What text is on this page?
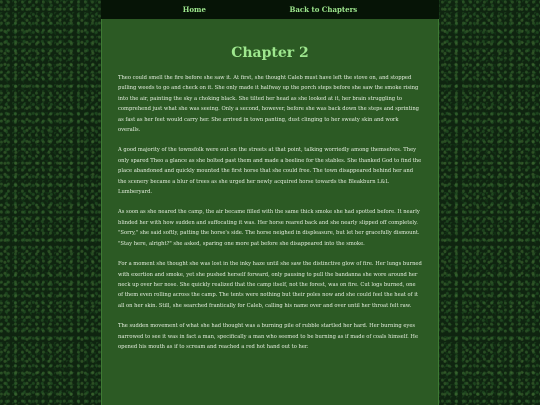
Home	Back to Chapters
Chapter 2

Theo could smell the fire before she saw it. At first, she thought Caleb must have left the stove on, and stopped pulling weeds to go and check on it. She only made it halfway up the porch steps before she saw the smoke rising into the air, painting the sky a choking black. She tilted her head as she looked at it, her brain struggling to comprehend just what she was seeing. Only a second, however, before she was back down the steps and sprinting as fast as her feet would carry her. She arrived in town panting, dust clinging to her sweaty skin and work overalls.

A good majority of the townsfolk were out on the streets at that point, talking worriedly among themselves. They only spared Theo a glance as she bolted past them and made a beeline for the stables. She thanked God to find the place abandoned and quickly mounted the first horse that she could free. The town disappeared behind her and the scenery became a blur of trees as she urged her newly acquired horse towards the Bleakburn L&L Lumberyard.

As soon as she neared the camp, the air became filled with the same thick smoke she had spotted before. It nearly blinded her with how sudden and suffocating it was. Her horse reared back and she nearly slipped off completely. "Sorry," she said softly, patting the horse's side. The horse neighed in displeasure, but let her gracefully dismount. "Stay here, alright?" she asked, sparing one more pat before she disappeared into the smoke.

For a moment she thought she was lost in the inky haze until she saw the distinctive glow of fire. Her lungs burned with exertion and smoke, yet she pushed herself forward, only pausing to pull the bandanna she wore around her neck up over her nose. She quickly realized that the camp itself, not the forest, was on fire. Cut logs burned, one of them even rolling across the camp. The tents were nothing but their poles now and she could feel the heat of it all on her skin. Still, she searched frantically for Caleb, calling his name over and over until her throat felt raw.

The sudden movement of what she had thought was a burning pile of rubble startled her hard. Her burning eyes narrowed to see it was in fact a man, specifically a man who seemed to be burning as if made of coals himself. He opened his mouth as if to scream and reached a red hot hand out to her.
